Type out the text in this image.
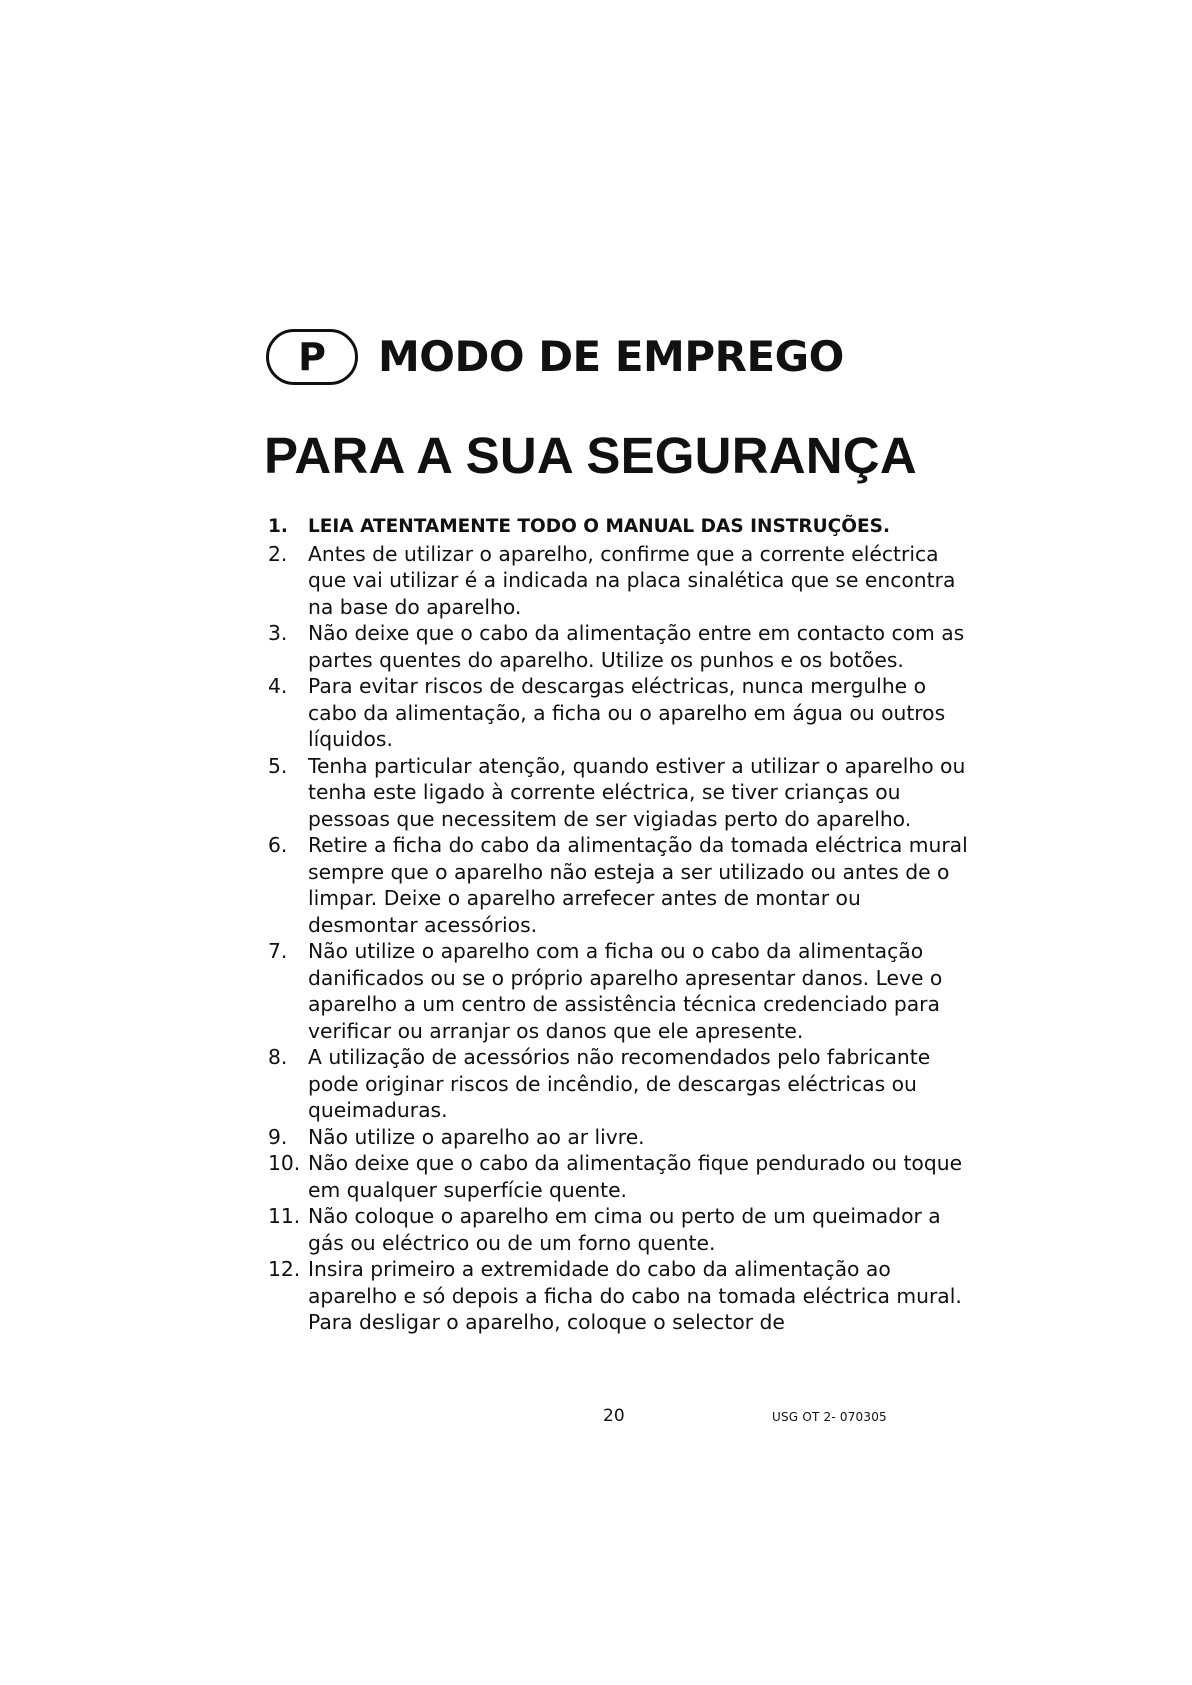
P MODO DE EMPREGO
PARA A SUA SEGURANÇA
1. LEIA ATENTAMENTE TODO O MANUAL DAS INSTRUÇÕES.
2. Antes de utilizar o aparelho, confirme que a corrente eléctrica que vai utilizar é a indicada na placa sinalética que se encontra na base do aparelho.
3. Não deixe que o cabo da alimentação entre em contacto com as partes quentes do aparelho. Utilize os punhos e os botões.
4. Para evitar riscos de descargas eléctricas, nunca mergulhe o cabo da alimentação, a ficha ou o aparelho em água ou outros líquidos.
5. Tenha particular atenção, quando estiver a utilizar o aparelho ou tenha este ligado à corrente eléctrica, se tiver crianças ou pessoas que necessitem de ser vigiadas perto do aparelho.
6. Retire a ficha do cabo da alimentação da tomada eléctrica mural sempre que o aparelho não esteja a ser utilizado ou antes de o limpar. Deixe o aparelho arrefecer antes de montar ou desmontar acessórios.
7. Não utilize o aparelho com a ficha ou o cabo da alimentação danificados ou se o próprio aparelho apresentar danos. Leve o aparelho a um centro de assistência técnica credenciado para verificar ou arranjar os danos que ele apresente.
8. A utilização de acessórios não recomendados pelo fabricante pode originar riscos de incêndio, de descargas eléctricas ou queimaduras.
9. Não utilize o aparelho ao ar livre.
10. Não deixe que o cabo da alimentação fique pendurado ou toque em qualquer superfície quente.
11. Não coloque o aparelho em cima ou perto de um queimador a gás ou eléctrico ou de um forno quente.
12. Insira primeiro a extremidade do cabo da alimentação ao aparelho e só depois a ficha do cabo na tomada eléctrica mural. Para desligar o aparelho, coloque o selector de
20	USG OT 2- 070305
